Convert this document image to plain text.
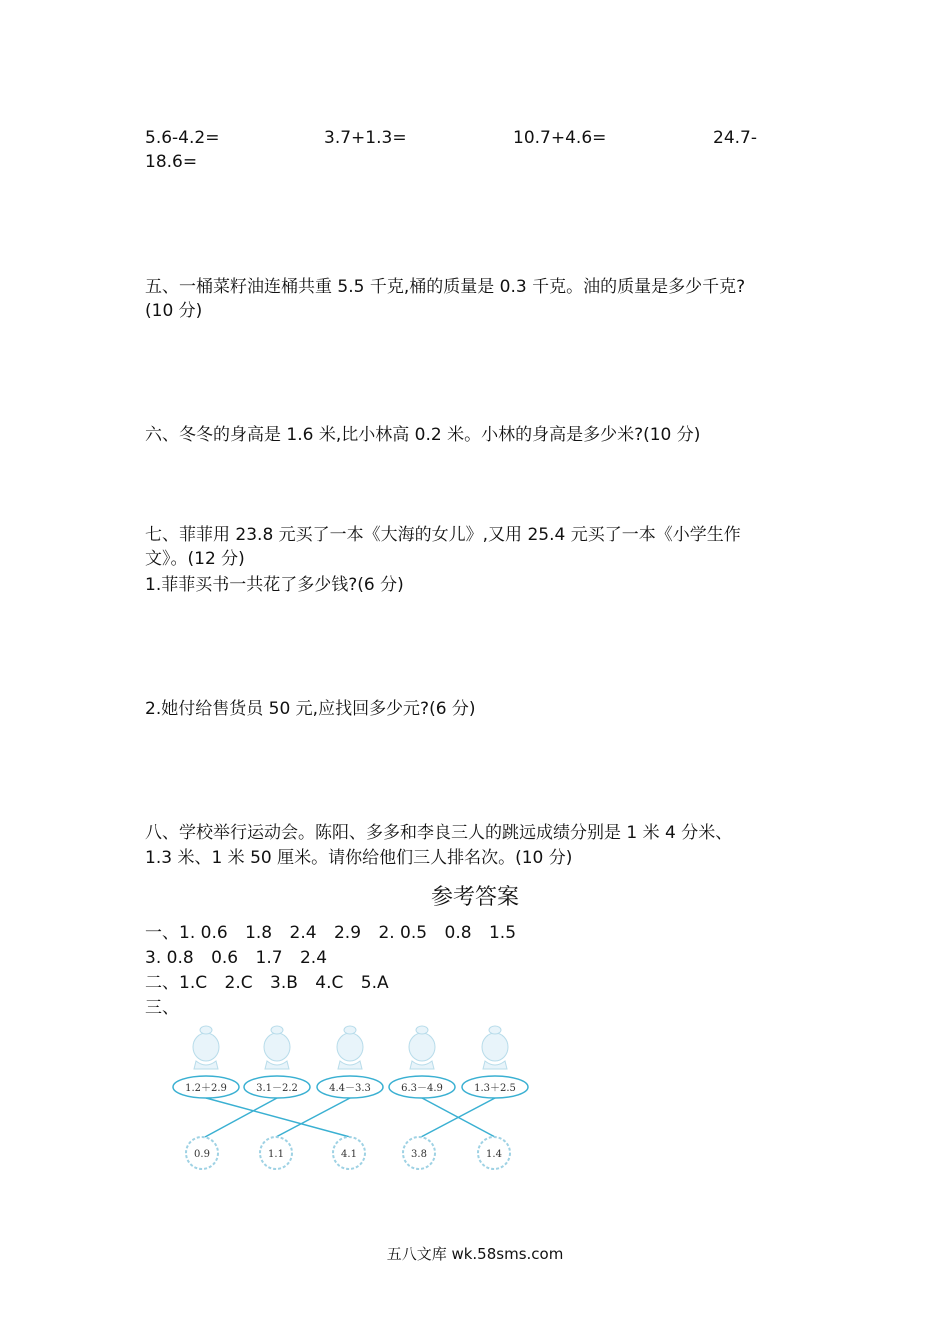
5.6-4.2=	3.7+1.3=	10.7+4.6=	24.7-
18.6=
五、一桶菜籽油连桶共重 5.5 千克,桶的质量是 0.3 千克。油的质量是多少千克?
(10 分)
六、冬冬的身高是 1.6 米,比小林高 0.2 米。小林的身高是多少米?(10 分)
七、菲菲用 23.8 元买了一本《大海的女儿》,又用 25.4 元买了一本《小学生作
文》。(12 分)
1.菲菲买书一共花了多少钱?(6 分)
2.她付给售货员 50 元,应找回多少元?(6 分)
八、学校举行运动会。陈阳、多多和李良三人的跳远成绩分别是 1 米 4 分米、
1.3 米、1 米 50 厘米。请你给他们三人排名次。(10 分)
参考答案
一、1. 0.6 1.8 2.4 2.9 2. 0.5 0.8 1.5
3. 0.8 0.6 1.7 2.4
二、1.C 2.C 3.B 4.C 5.A
三、
1.2＋2.9	3.1－2.2	4.4－3.3	6.3－4.9	1.3＋2.5
0.9	1.1	4.1	3.8	1.4
五八文库 wk.58sms.com
